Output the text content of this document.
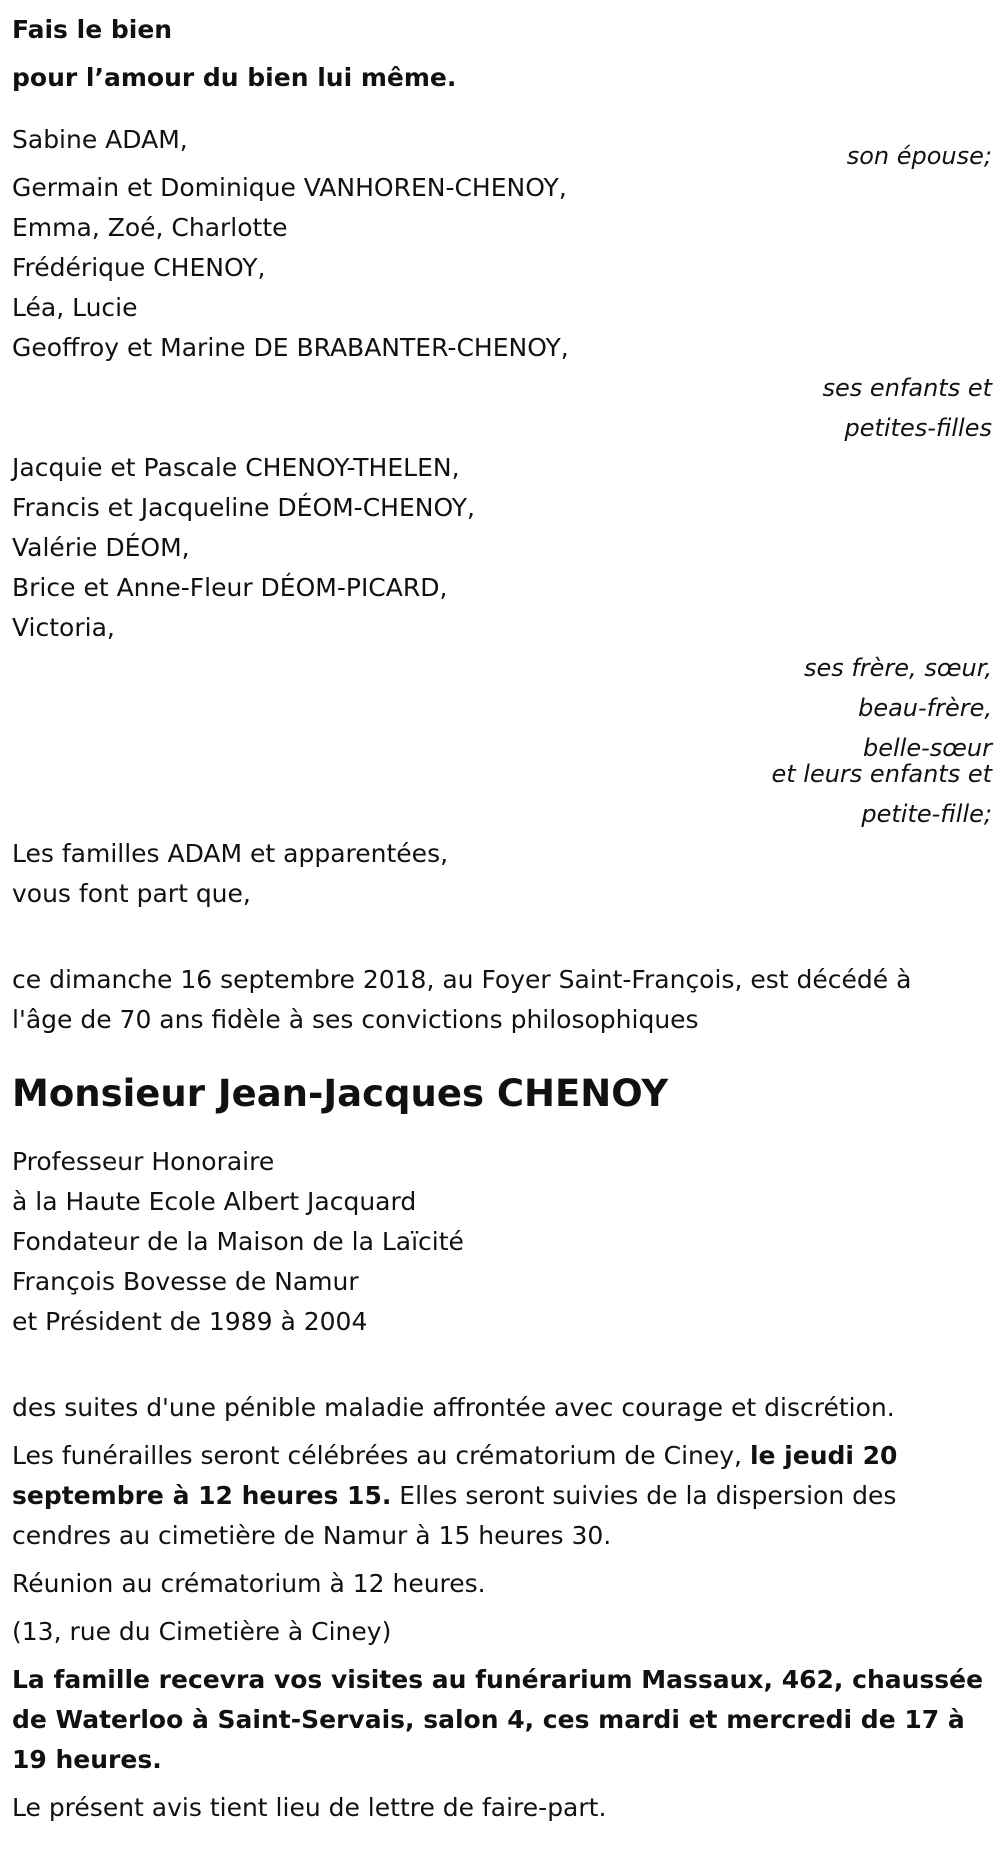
Fais le bien
pour l’amour du bien lui même.
Sabine ADAM,
son épouse;
Germain et Dominique VANHOREN-CHENOY,
Emma, Zoé, Charlotte
Frédérique CHENOY,
Léa, Lucie
Geoffroy et Marine DE BRABANTER-CHENOY,
ses enfants et
petites-filles
Jacquie et Pascale CHENOY-THELEN,
Francis et Jacqueline DÉOM-CHENOY,
Valérie DÉOM,
Brice et Anne-Fleur DÉOM-PICARD,
Victoria,
ses frère, sœur,
beau-frère,
belle-sœur
et leurs enfants et
petite-fille;
Les familles ADAM et apparentées,
vous font part que,
ce dimanche 16 septembre 2018, au Foyer Saint-François, est décédé à
l'âge de 70 ans fidèle à ses convictions philosophiques
Monsieur Jean-Jacques CHENOY
Professeur Honoraire
à la Haute Ecole Albert Jacquard
Fondateur de la Maison de la Laïcité
François Bovesse de Namur
et Président de 1989 à 2004

des suites d'une pénible maladie affrontée avec courage et discrétion.

Les funérailles seront célébrées au crématorium de Ciney, le jeudi 20 septembre à 12 heures 15. Elles seront suivies de la dispersion des cendres au cimetière de Namur à 15 heures 30.

Réunion au crématorium à 12 heures.

(13, rue du Cimetière à Ciney)

La famille recevra vos visites au funérarium Massaux, 462, chaussée de Waterloo à Saint-Servais, salon 4, ces mardi et mercredi de 17 à 19 heures.

Le présent avis tient lieu de lettre de faire-part.
